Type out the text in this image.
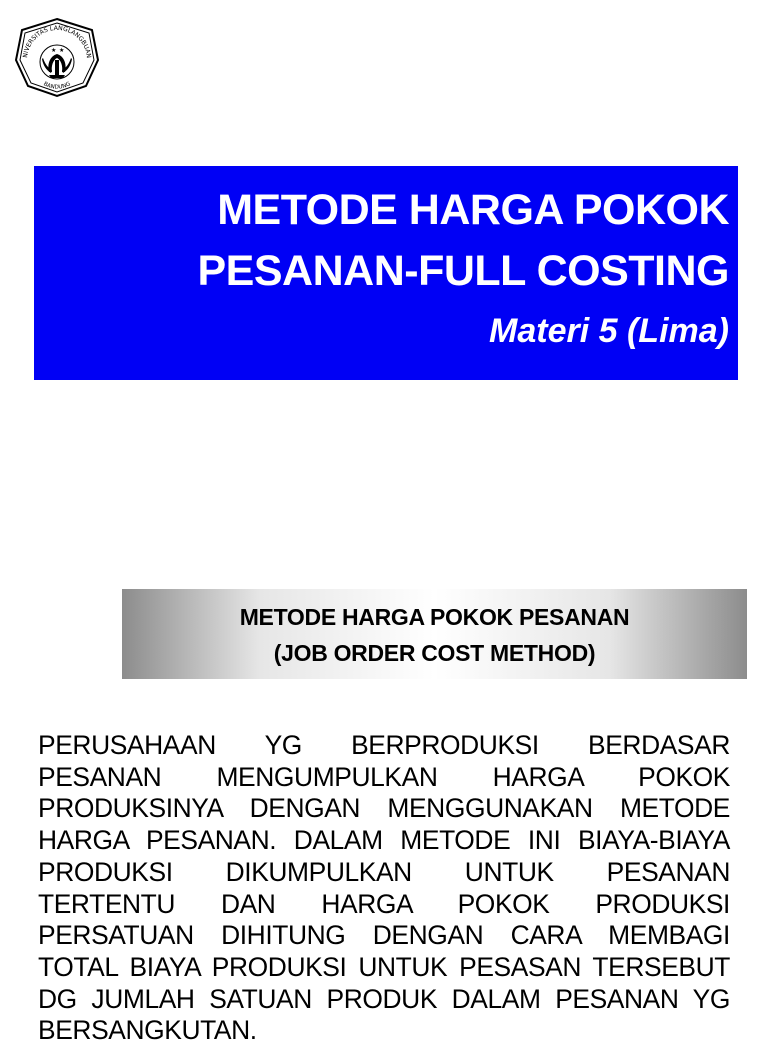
NIVERSITAS LANGLANGBUAN
BANDUNG
★ ★
METODE HARGA POKOK
PESANAN-FULL COSTING
Materi 5 (Lima)
METODE HARGA POKOK PESANAN
(JOB ORDER COST METHOD)

PERUSAHAAN YG BERPRODUKSI BERDASAR PESANAN MENGUMPULKAN HARGA POKOK PRODUKSINYA DENGAN MENGGUNAKAN METODE HARGA PESANAN. DALAM METODE INI BIAYA-BIAYA PRODUKSI DIKUMPULKAN UNTUK PESANAN TERTENTU DAN HARGA POKOK PRODUKSI PERSATUAN DIHITUNG DENGAN CARA MEMBAGI TOTAL BIAYA PRODUKSI UNTUK PESASAN TERSEBUT DG JUMLAH SATUAN PRODUK DALAM PESANAN YG BERSANGKUTAN.
